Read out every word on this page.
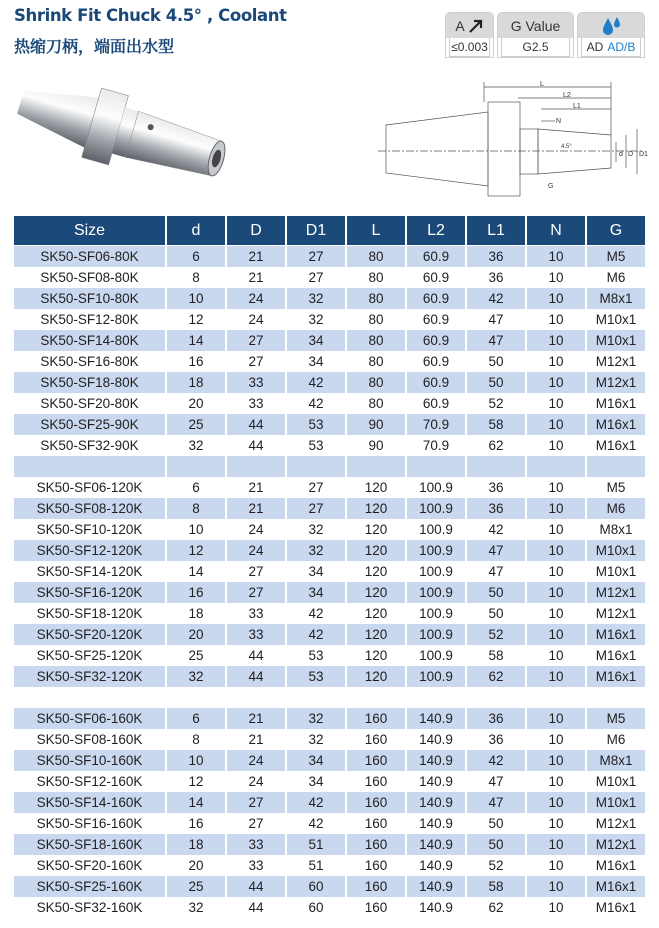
Shrink Fit Chuck 4.5° , Coolant
热缩刀柄，端面出水型
A
≤0.003
G Value
G2.5	AD AD/B
L
L2
L1
N
4.5°
d D D1
G
Size	d	D	D1	L	L2	L1	N	G
SK50-SF06-80K	6	21	27	80	60.9	36	10	M5
SK50-SF08-80K	8	21	27	80	60.9	36	10	M6
SK50-SF10-80K	10	24	32	80	60.9	42	10	M8x1
SK50-SF12-80K	12	24	32	80	60.9	47	10	M10x1
SK50-SF14-80K	14	27	34	80	60.9	47	10	M10x1
SK50-SF16-80K	16	27	34	80	60.9	50	10	M12x1
SK50-SF18-80K	18	33	42	80	60.9	50	10	M12x1
SK50-SF20-80K	20	33	42	80	60.9	52	10	M16x1
SK50-SF25-90K	25	44	53	90	70.9	58	10	M16x1
SK50-SF32-90K	32	44	53	90	70.9	62	10	M16x1
SK50-SF06-120K	6	21	27	120	100.9	36	10	M5
SK50-SF08-120K	8	21	27	120	100.9	36	10	M6
SK50-SF10-120K	10	24	32	120	100.9	42	10	M8x1
SK50-SF12-120K	12	24	32	120	100.9	47	10	M10x1
SK50-SF14-120K	14	27	34	120	100.9	47	10	M10x1
SK50-SF16-120K	16	27	34	120	100.9	50	10	M12x1
SK50-SF18-120K	18	33	42	120	100.9	50	10	M12x1
SK50-SF20-120K	20	33	42	120	100.9	52	10	M16x1
SK50-SF25-120K	25	44	53	120	100.9	58	10	M16x1
SK50-SF32-120K	32	44	53	120	100.9	62	10	M16x1
SK50-SF06-160K	6	21	32	160	140.9	36	10	M5
SK50-SF08-160K	8	21	32	160	140.9	36	10	M6
SK50-SF10-160K	10	24	34	160	140.9	42	10	M8x1
SK50-SF12-160K	12	24	34	160	140.9	47	10	M10x1
SK50-SF14-160K	14	27	42	160	140.9	47	10	M10x1
SK50-SF16-160K	16	27	42	160	140.9	50	10	M12x1
SK50-SF18-160K	18	33	51	160	140.9	50	10	M12x1
SK50-SF20-160K	20	33	51	160	140.9	52	10	M16x1
SK50-SF25-160K	25	44	60	160	140.9	58	10	M16x1
SK50-SF32-160K	32	44	60	160	140.9	62	10	M16x1
